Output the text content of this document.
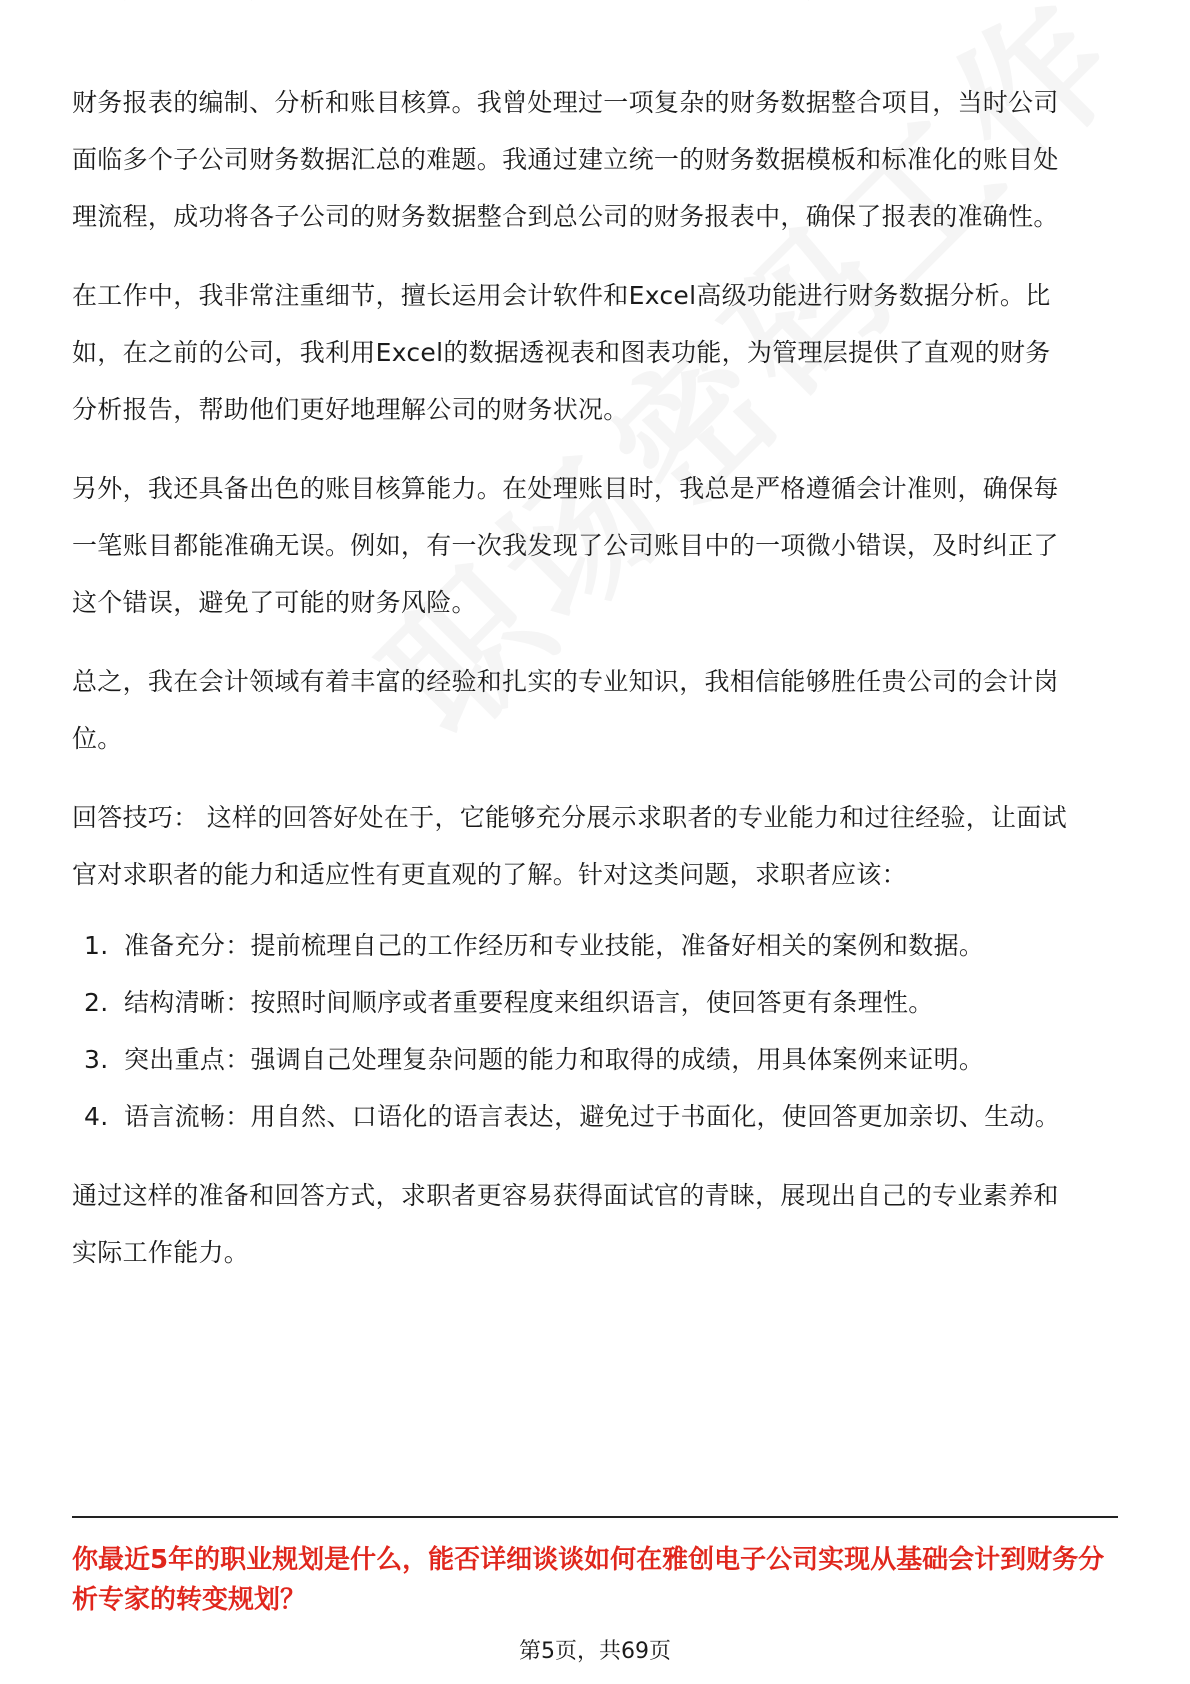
财务报表的编制、分析和账目核算。我曾处理过一项复杂的财务数据整合项目，当时公司面临多个子公司财务数据汇总的难题。我通过建立统一的财务数据模板和标准化的账目处理流程，成功将各子公司的财务数据整合到总公司的财务报表中，确保了报表的准确性。

在工作中，我非常注重细节，擅长运用会计软件和Excel高级功能进行财务数据分析。比如，在之前的公司，我利用Excel的数据透视表和图表功能，为管理层提供了直观的财务分析报告，帮助他们更好地理解公司的财务状况。

另外，我还具备出色的账目核算能力。在处理账目时，我总是严格遵循会计准则，确保每一笔账目都能准确无误。例如，有一次我发现了公司账目中的一项微小错误，及时纠正了这个错误，避免了可能的财务风险。

总之，我在会计领域有着丰富的经验和扎实的专业知识，我相信能够胜任贵公司的会计岗位。

回答技巧： 这样的回答好处在于，它能够充分展示求职者的专业能力和过往经验，让面试官对求职者的能力和适应性有更直观的了解。针对这类问题，求职者应该：

1. 准备充分：提前梳理自己的工作经历和专业技能，准备好相关的案例和数据。
2. 结构清晰：按照时间顺序或者重要程度来组织语言，使回答更有条理性。
3. 突出重点：强调自己处理复杂问题的能力和取得的成绩，用具体案例来证明。
4. 语言流畅：用自然、口语化的语言表达，避免过于书面化，使回答更加亲切、生动。

通过这样的准备和回答方式，求职者更容易获得面试官的青睐，展现出自己的专业素养和实际工作能力。

你最近5年的职业规划是什么，能否详细谈谈如何在雅创电子公司实现从基础会计到财务分析专家的转变规划？
第5页，共69页
